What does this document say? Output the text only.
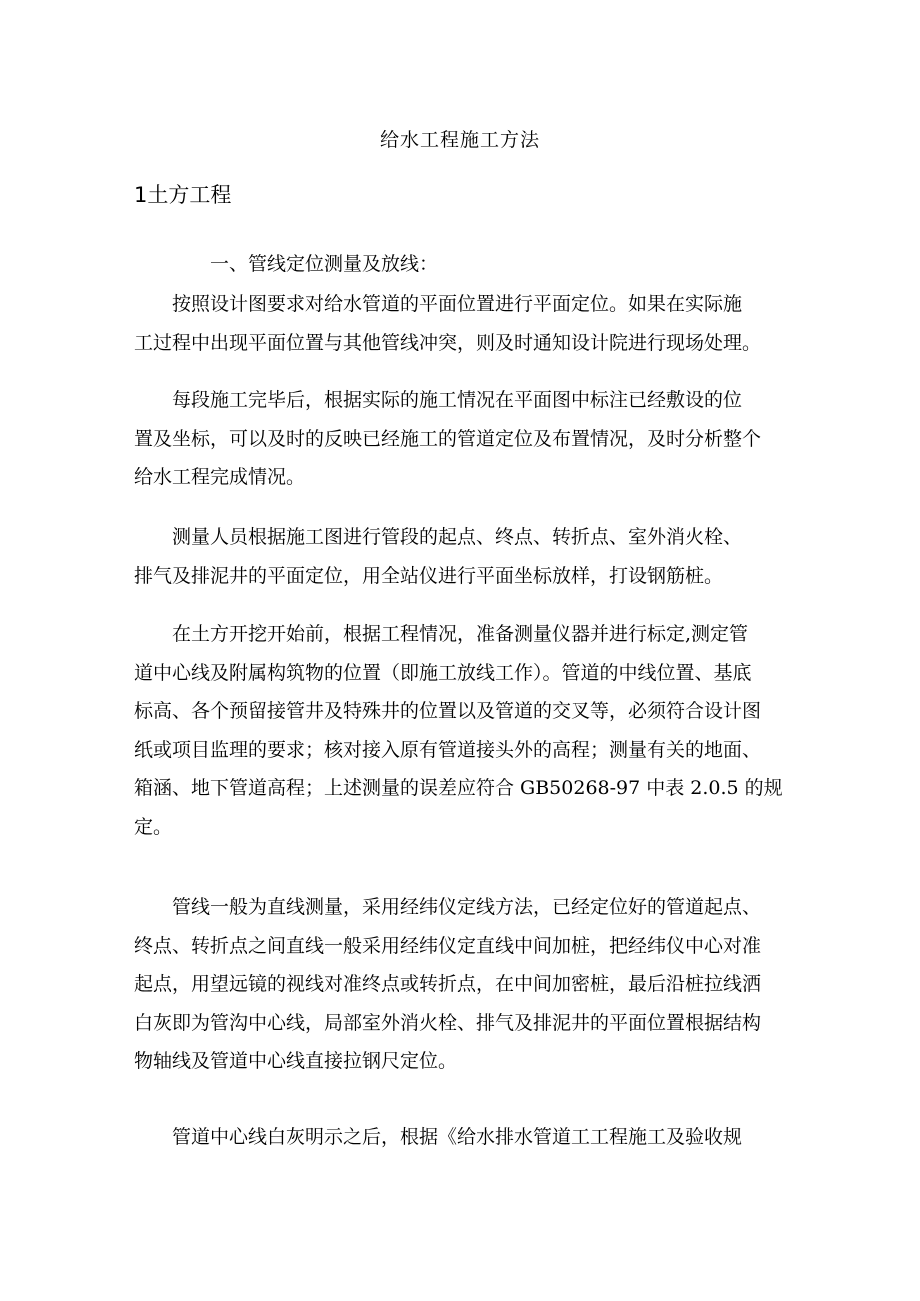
给水工程施工方法
1土方工程
一、管线定位测量及放线：
按照设计图要求对给水管道的平面位置进行平面定位。如果在实际施
工过程中出现平面位置与其他管线冲突，则及时通知设计院进行现场处理。
每段施工完毕后，根据实际的施工情况在平面图中标注已经敷设的位
置及坐标，可以及时的反映已经施工的管道定位及布置情况，及时分析整个
给水工程完成情况。
测量人员根据施工图进行管段的起点、终点、转折点、室外消火栓、
排气及排泥井的平面定位，用全站仪进行平面坐标放样，打设钢筋桩。
在土方开挖开始前，根据工程情况，准备测量仪器并进行标定,测定管
道中心线及附属构筑物的位置（即施工放线工作）。管道的中线位置、基底
标高、各个预留接管井及特殊井的位置以及管道的交叉等，必须符合设计图
纸或项目监理的要求；核对接入原有管道接头外的高程；测量有关的地面、
箱涵、地下管道高程；上述测量的误差应符合 GB50268-97 中表 2.0.5 的规
定。
管线一般为直线测量，采用经纬仪定线方法，已经定位好的管道起点、
终点、转折点之间直线一般采用经纬仪定直线中间加桩，把经纬仪中心对准
起点，用望远镜的视线对准终点或转折点，在中间加密桩，最后沿桩拉线洒
白灰即为管沟中心线，局部室外消火栓、排气及排泥井的平面位置根据结构
物轴线及管道中心线直接拉钢尺定位。
管道中心线白灰明示之后，根据《给水排水管道工工程施工及验收规
